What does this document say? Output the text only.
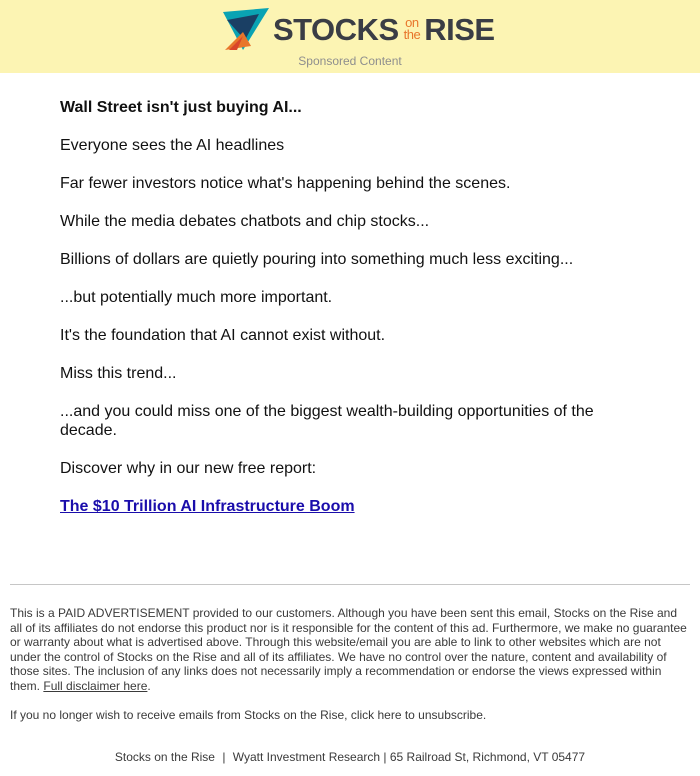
STOCKS on
the RISE
Sponsored Content

Wall Street isn't just buying AI...

Everyone sees the AI headlines

Far fewer investors notice what's happening behind the scenes.

While the media debates chatbots and chip stocks...

Billions of dollars are quietly pouring into something much less exciting...

...but potentially much more important.

It's the foundation that AI cannot exist without.

Miss this trend...

...and you could miss one of the biggest wealth-building opportunities of the decade.

Discover why in our new free report:

The $10 Trillion AI Infrastructure Boom

This is a PAID ADVERTISEMENT provided to our customers. Although you have been sent this email, Stocks on the Rise and all of its affiliates do not endorse this product nor is it responsible for the content of this ad. Furthermore, we make no guarantee or warranty about what is advertised above. Through this website/email you are able to link to other websites which are not under the control of Stocks on the Rise and all of its affiliates. We have no control over the nature, content and availability of those sites. The inclusion of any links does not necessarily imply a recommendation or endorse the views expressed within them. Full disclaimer here.
If you no longer wish to receive emails from Stocks on the Rise, click here to unsubscribe.
Stocks on the Rise | Wyatt Investment Research | 65 Railroad St, Richmond, VT 05477
